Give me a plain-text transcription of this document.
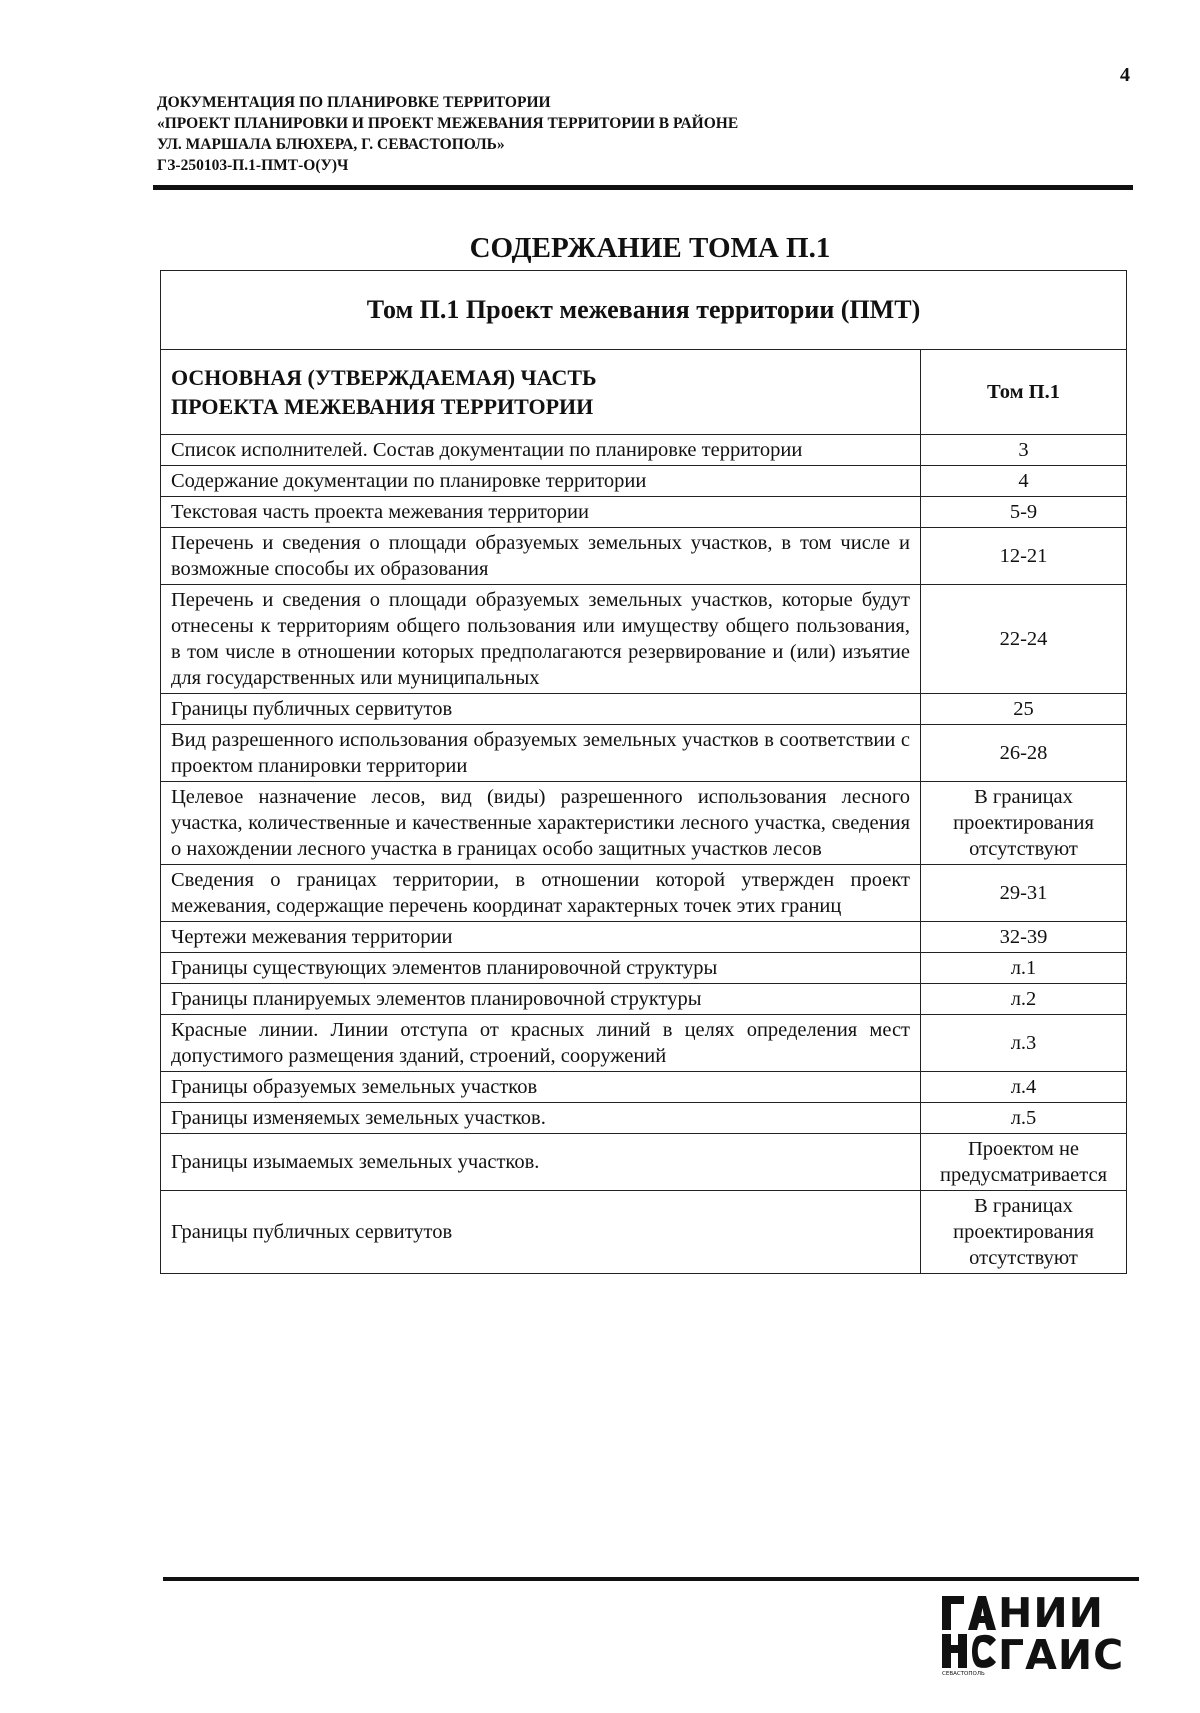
4
ДОКУМЕНТАЦИЯ ПО ПЛАНИРОВКЕ ТЕРРИТОРИИ
«ПРОЕКТ ПЛАНИРОВКИ И ПРОЕКТ МЕЖЕВАНИЯ ТЕРРИТОРИИ В РАЙОНЕ
УЛ. МАРШАЛА БЛЮХЕРА, Г. СЕВАСТОПОЛЬ»
ГЗ-250103-П.1-ПМТ-О(У)Ч
СОДЕРЖАНИЕ ТОМА П.1
Том П.1 Проект межевания территории (ПМТ)	

ОСНОВНАЯ (УТВЕРЖДАЕМАЯ) ЧАСТЬ
ПРОЕКТА МЕЖЕВАНИЯ ТЕРРИТОРИИ	Том П.1
Список исполнителей. Состав документации по планировке территории	3
Содержание документации по планировке территории	4
Текстовая часть проекта межевания территории	5-9
Перечень и сведения о площади образуемых земельных участков, в том числе и возможные способы их образования	12-21
Перечень и сведения о площади образуемых земельных участков, которые будут отнесены к территориям общего пользования или имуществу общего пользования, в том числе в отношении которых предполагаются резервирование и (или) изъятие для государственных или муниципальных	22-24
Границы публичных сервитутов	25
Вид разрешенного использования образуемых земельных участков в соответствии с проектом планировки территории	26-28
Целевое назначение лесов, вид (виды) разрешенного использования лесного участка, количественные и качественные характеристики лесного участка, сведения о нахождении лесного участка в границах особо защитных участков лесов	В границах проектирования отсутствуют
Сведения о границах территории, в отношении которой утвержден проект межевания, содержащие перечень координат характерных точек этих границ	29-31
Чертежи межевания территории	32-39
Границы существующих элементов планировочной структуры	л.1
Границы планируемых элементов планировочной структуры	л.2
Красные линии. Линии отступа от красных линий в целях определения мест допустимого размещения зданий, строений, сооружений	л.3
Границы образуемых земельных участков	л.4
Границы изменяемых земельных участков.	л.5
Границы изымаемых земельных участков.	Проектом не предусматривается
Границы публичных сервитутов	В границах проектирования отсутствуют
СЕВАСТОПОЛЬ
НИИ
ГАИС
